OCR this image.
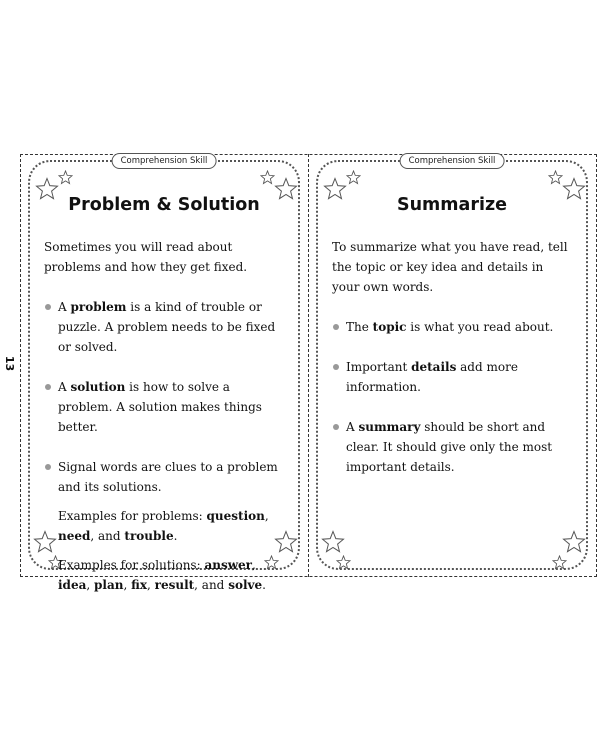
13
Comprehension Skill
Problem & Solution

Sometimes you will read about problems and how they get fixed.

A problem is a kind of trouble or puzzle. A problem needs to be fixed or solved.

A solution is how to solve a problem. A solution makes things better.

Signal words are clues to a problem and its solutions.

Examples for problems: question, need, and trouble.

Examples for solutions: answer, idea, plan, fix, result, and solve.

Comprehension Skill
Summarize

To summarize what you have read, tell the topic or key idea and details in your own words.

The topic is what you read about.

Important details add more information.

A summary should be short and clear. It should give only the most important details.
